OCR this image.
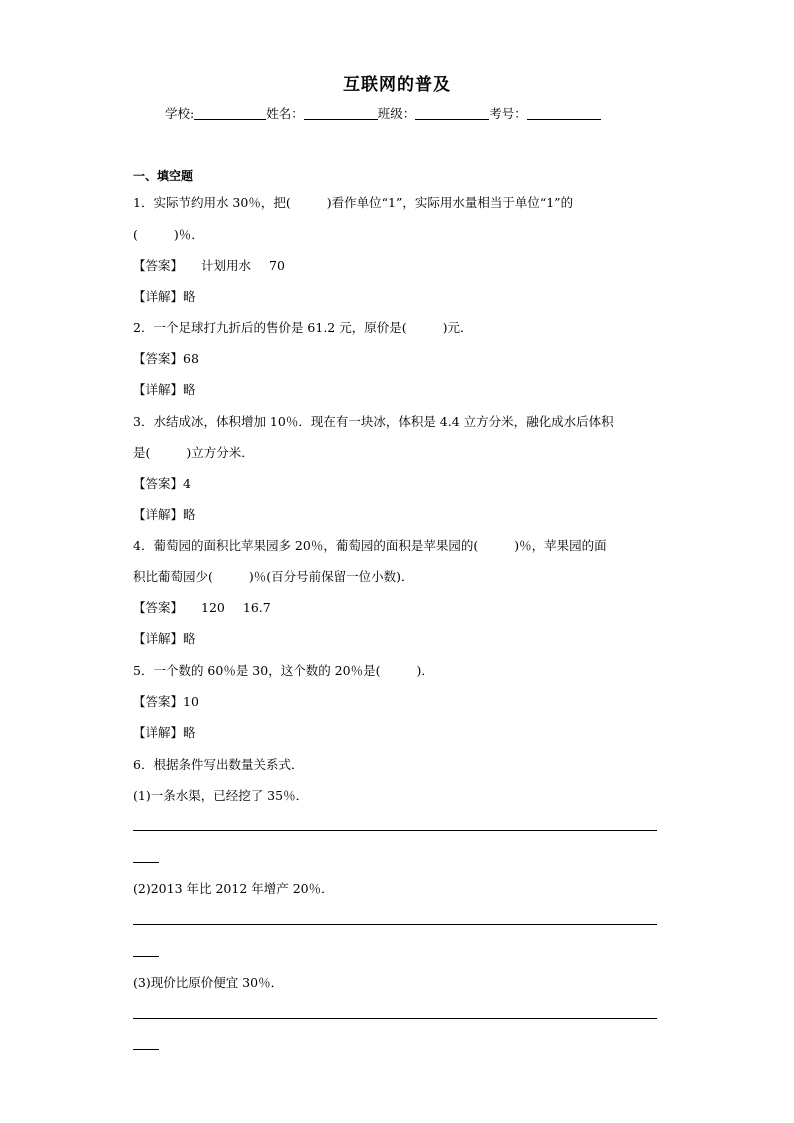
互联网的普及
学校:	姓名：	班级：	考号：
一、填空题
1．实际节约用水 30％，把(	)看作单位“1”，实际用水量相当于单位“1”的
(	)％．
【答案】 计划用水 70
【详解】略
2．一个足球打九折后的售价是 61.2 元，原价是(	)元．
【答案】68
【详解】略
3．水结成冰，体积增加 10％．现在有一块冰，体积是 4.4 立方分米，融化成水后体积
是(	)立方分米．
【答案】4
【详解】略
4．葡萄园的面积比苹果园多 20％，葡萄园的面积是苹果园的(	)％，苹果园的面
积比葡萄园少(	)％(百分号前保留一位小数)．
【答案】 120 16.7
【详解】略
5．一个数的 60％是 30，这个数的 20％是(	)．
【答案】10
【详解】略
6．根据条件写出数量关系式．
(1)一条水渠，已经挖了 35％．
(2)2013 年比 2012 年增产 20％．
(3)现价比原价便宜 30％．
